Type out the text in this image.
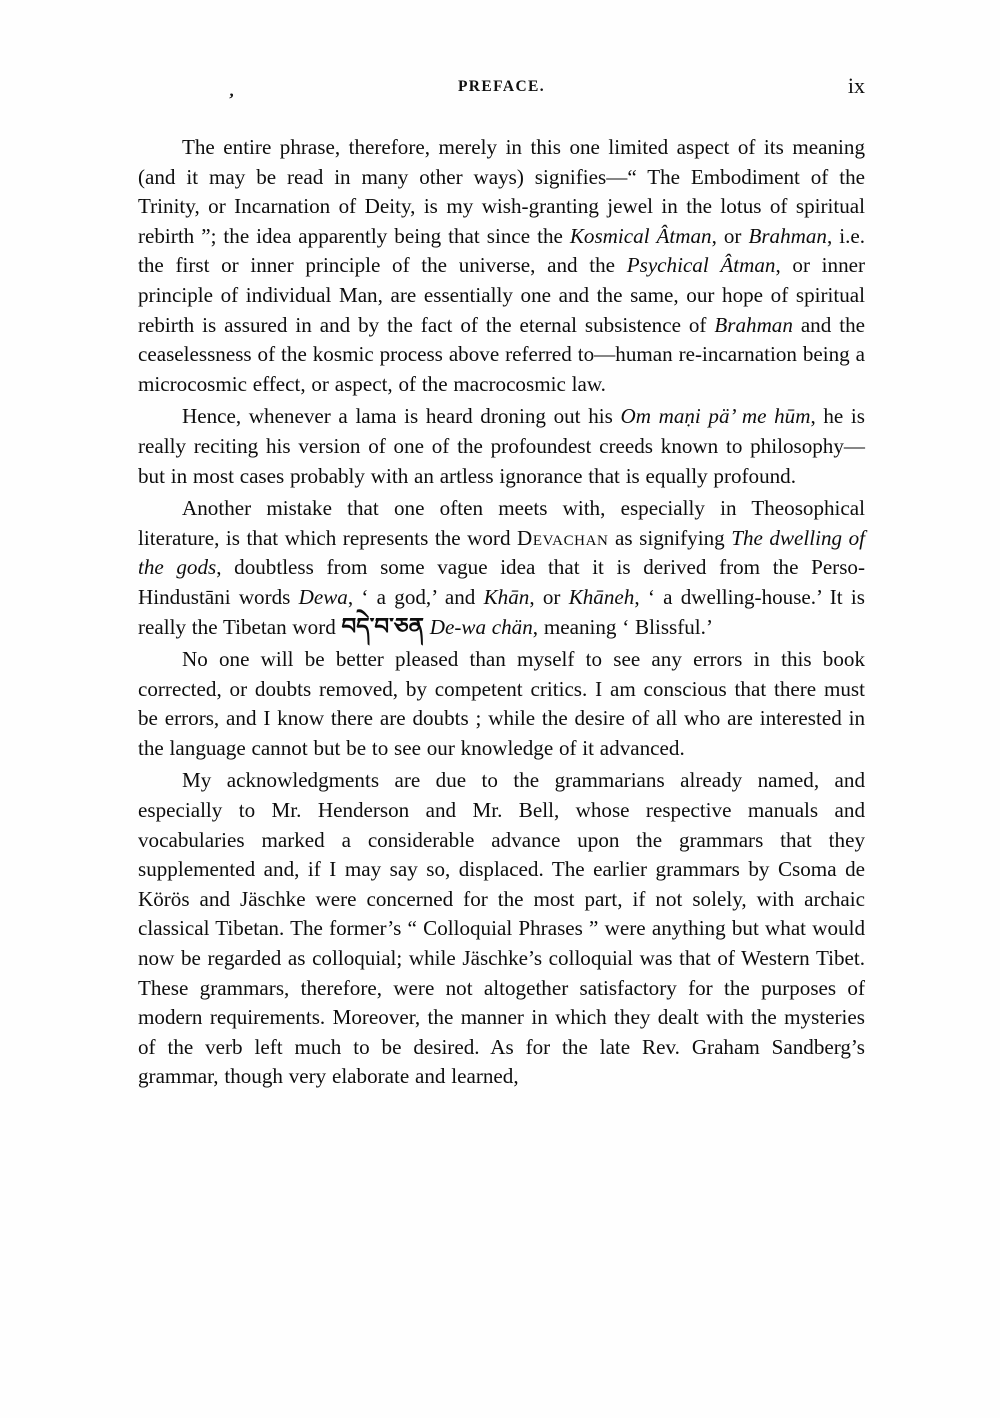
,	PREFACE.	ix

The entire phrase, therefore, merely in this one limited aspect of its meaning (and it may be read in many other ways) signifies—“ The Embodiment of the Trinity, or Incarnation of Deity, is my wish-granting jewel in the lotus of spiritual rebirth ”; the idea apparently being that since the Kosmical Âtman, or Brahman, i.e. the first or inner principle of the universe, and the Psychical Âtman, or inner principle of individual Man, are essentially one and the same, our hope of spiritual rebirth is assured in and by the fact of the eternal subsistence of Brahman and the ceaselessness of the kosmic process above referred to—human re-incarnation being a microcosmic effect, or aspect, of the macrocosmic law.

Hence, whenever a lama is heard droning out his Om maṇi pä’ me hūm, he is really reciting his version of one of the profoundest creeds known to philosophy—but in most cases probably with an artless ignorance that is equally profound.

Another mistake that one often meets with, especially in Theosophical literature, is that which represents the word Devachan as signifying The dwelling of the gods, doubtless from some vague idea that it is derived from the Perso-Hindustāni words Dewa, ‘ a god,’ and Khān, or Khāneh, ‘ a dwelling-house.’ It is really the Tibetan word བདེ་བ་ཅན De-wa chän, meaning ‘ Blissful.’

No one will be better pleased than myself to see any errors in this book corrected, or doubts removed, by competent critics. I am conscious that there must be errors, and I know there are doubts ; while the desire of all who are interested in the language cannot but be to see our knowledge of it advanced.

My acknowledgments are due to the grammarians already named, and especially to Mr. Henderson and Mr. Bell, whose respective manuals and vocabularies marked a considerable advance upon the grammars that they supplemented and, if I may say so, displaced. The earlier grammars by Csoma de Körös and Jäschke were concerned for the most part, if not solely, with archaic classical Tibetan. The former’s “ Colloquial Phrases ” were anything but what would now be regarded as colloquial; while Jäschke’s colloquial was that of Western Tibet. These grammars, therefore, were not altogether satisfactory for the purposes of modern requirements. Moreover, the manner in which they dealt with the mysteries of the verb left much to be desired. As for the late Rev. Graham Sandberg’s grammar, though very elaborate and learned,
